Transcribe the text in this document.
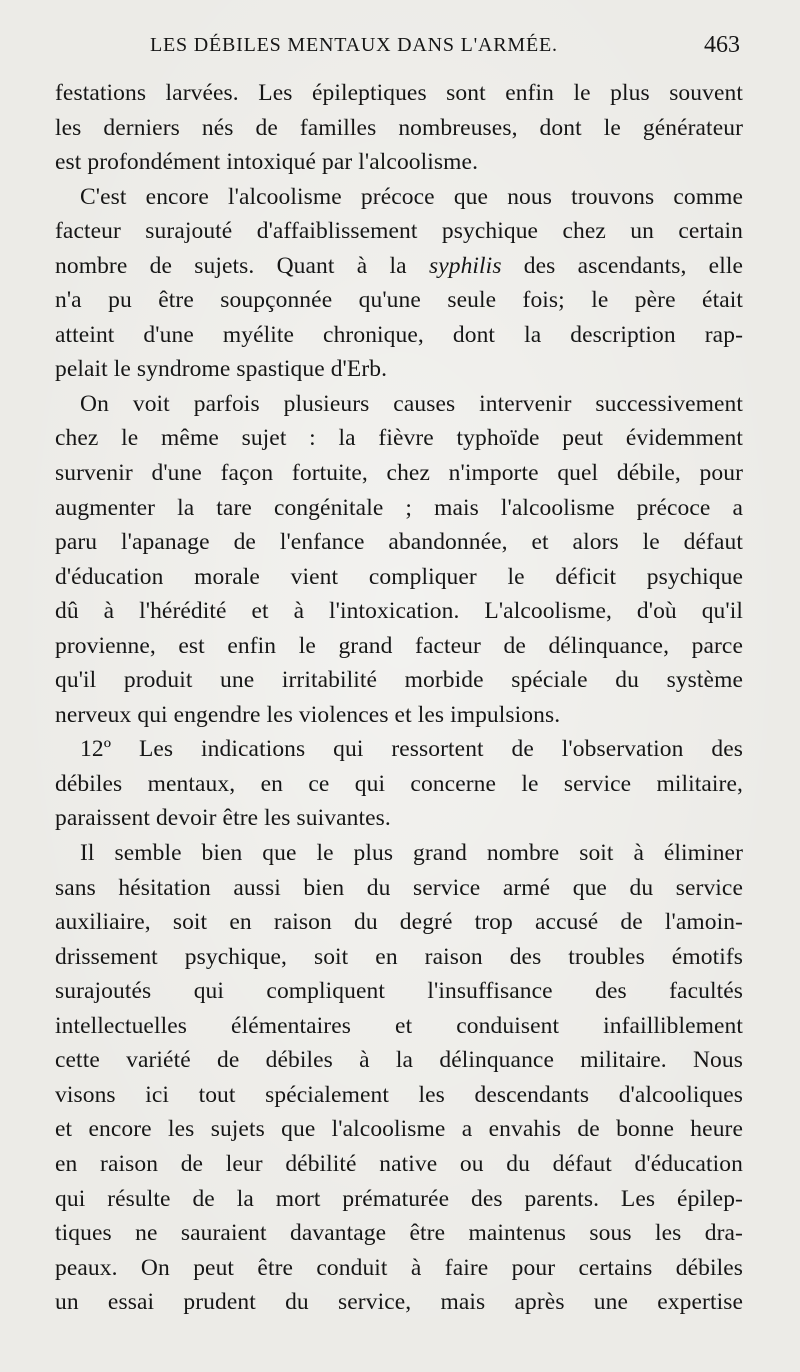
LES DÉBILES MENTAUX DANS L'ARMÉE.	463
festations larvées. Les épileptiques sont enfin le plus souvent
les derniers nés de familles nombreuses, dont le générateur
est profondément intoxiqué par l'alcoolisme.
C'est encore l'alcoolisme précoce que nous trouvons comme
facteur surajouté d'affaiblissement psychique chez un certain
nombre de sujets. Quant à la syphilis des ascendants, elle
n'a pu être soupçonnée qu'une seule fois; le père était
atteint d'une myélite chronique, dont la description rap-
pelait le syndrome spastique d'Erb.
On voit parfois plusieurs causes intervenir successivement
chez le même sujet : la fièvre typhoïde peut évidemment
survenir d'une façon fortuite, chez n'importe quel débile, pour
augmenter la tare congénitale ; mais l'alcoolisme précoce a
paru l'apanage de l'enfance abandonnée, et alors le défaut
d'éducation morale vient compliquer le déficit psychique
dû à l'hérédité et à l'intoxication. L'alcoolisme, d'où qu'il
provienne, est enfin le grand facteur de délinquance, parce
qu'il produit une irritabilité morbide spéciale du système
nerveux qui engendre les violences et les impulsions.
12º Les indications qui ressortent de l'observation des
débiles mentaux, en ce qui concerne le service militaire,
paraissent devoir être les suivantes.
Il semble bien que le plus grand nombre soit à éliminer
sans hésitation aussi bien du service armé que du service
auxiliaire, soit en raison du degré trop accusé de l'amoin-
drissement psychique, soit en raison des troubles émotifs
surajoutés qui compliquent l'insuffisance des facultés
intellectuelles élémentaires et conduisent infailliblement
cette variété de débiles à la délinquance militaire. Nous
visons ici tout spécialement les descendants d'alcooliques
et encore les sujets que l'alcoolisme a envahis de bonne heure
en raison de leur débilité native ou du défaut d'éducation
qui résulte de la mort prématurée des parents. Les épilep-
tiques ne sauraient davantage être maintenus sous les dra-
peaux. On peut être conduit à faire pour certains débiles
un essai prudent du service, mais après une expertise
